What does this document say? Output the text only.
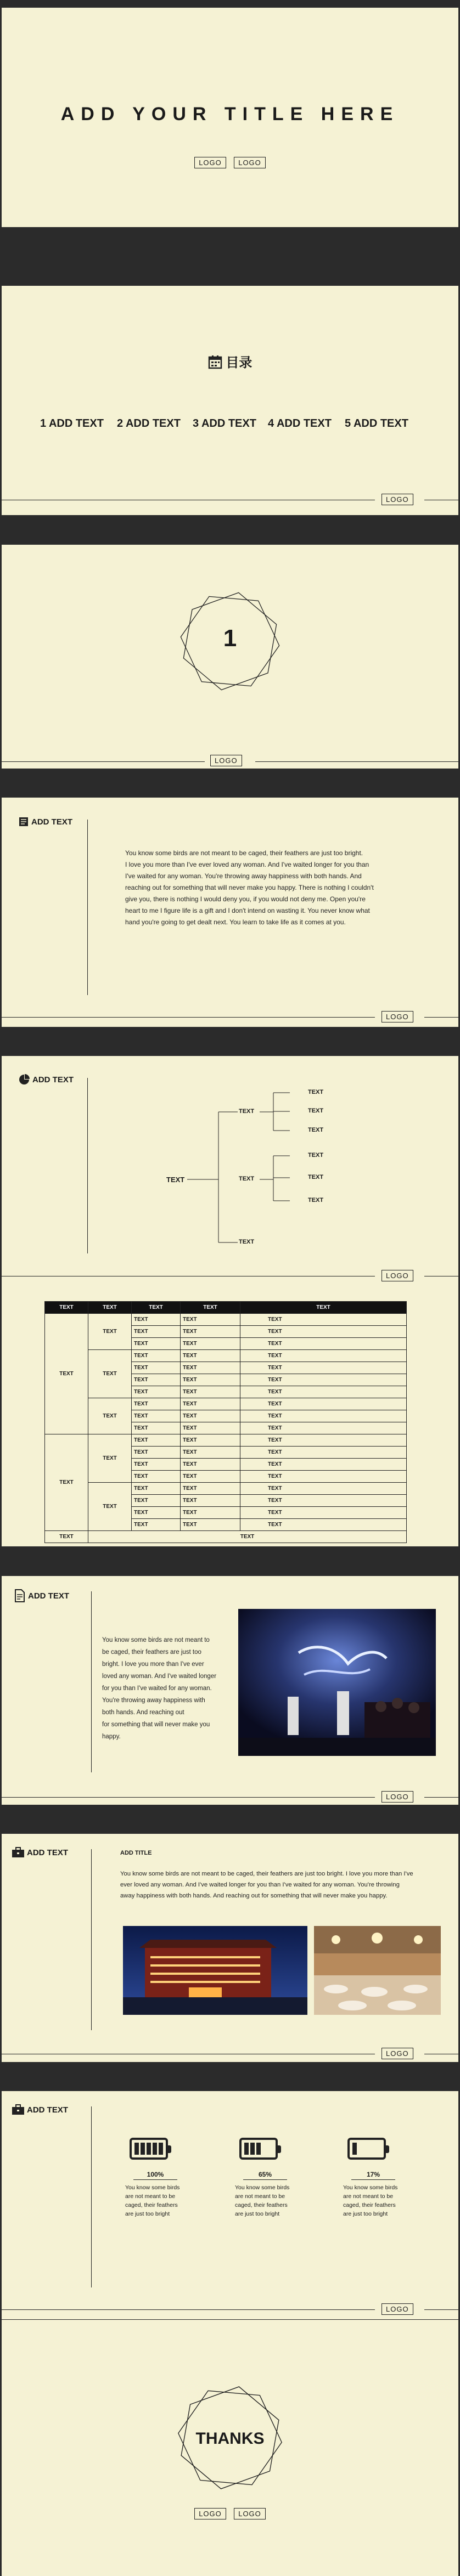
ADD YOUR TITLE HERE
LOGO LOGO
目录
1 ADD TEXT 2 ADD TEXT 3 ADD TEXT 4 ADD TEXT 5 ADD TEXT
LOGO
1
LOGO
ADD TEXT
You know some birds are not meant to be caged, their feathers are just too bright.
I love you more than I've ever loved any woman. And I've waited longer for you than
I've waited for any woman. You're throwing away happiness with both hands. And
reaching out for something that will never make you happy. There is nothing I couldn't
give you, there is nothing I would deny you, if you would not deny me. Open you're
heart to me I figure life is a gift and I don't intend on wasting it. You never know what
hand you're going to get dealt next. You learn to take life as it comes at you.
LOGO
ADD TEXT
TEXT
TEXT
TEXT
TEXT
TEXT
TEXT
TEXT
TEXT
TEXT
TEXT
LOGO
TEXT	TEXT	TEXT	TEXT	TEXT
TEXT	TEXT	TEXT	TEXT	TEXT
		TEXT	TEXT	TEXT
		TEXT	TEXT	TEXT
	TEXT	TEXT	TEXT	TEXT
		TEXT	TEXT	TEXT
		TEXT	TEXT	TEXT
		TEXT	TEXT	TEXT
	TEXT	TEXT	TEXT	TEXT
		TEXT	TEXT	TEXT
		TEXT	TEXT	TEXT
TEXT	TEXT	TEXT	TEXT	TEXT
		TEXT	TEXT	TEXT
		TEXT	TEXT	TEXT
		TEXT	TEXT	TEXT
	TEXT	TEXT	TEXT	TEXT
		TEXT	TEXT	TEXT
		TEXT	TEXT	TEXT
		TEXT	TEXT	TEXT
TEXT	TEXT			
ADD TEXT
You know some birds are not meant to
be caged, their feathers are just too
bright. I love you more than I've ever
loved any woman. And I've waited longer
for you than I've waited for any woman.
You're throwing away happiness with
both hands. And reaching out
for something that will never make you
happy.
LOGO
ADD TEXT	ADD TITLE
You know some birds are not meant to be caged, their feathers are just too bright. I love you more than I've
ever loved any woman. And I've waited longer for you than I've waited for any woman. You're throwing
away happiness with both hands. And reaching out for something that will never make you happy.
LOGO
ADD TEXT
100%
You know some birds
are not meant to be
caged, their feathers
are just too bright
65%
You know some birds
are not meant to be
caged, their feathers
are just too bright
17%
You know some birds
are not meant to be
caged, their feathers
are just too bright
LOGO
THANKS
LOGO LOGO
